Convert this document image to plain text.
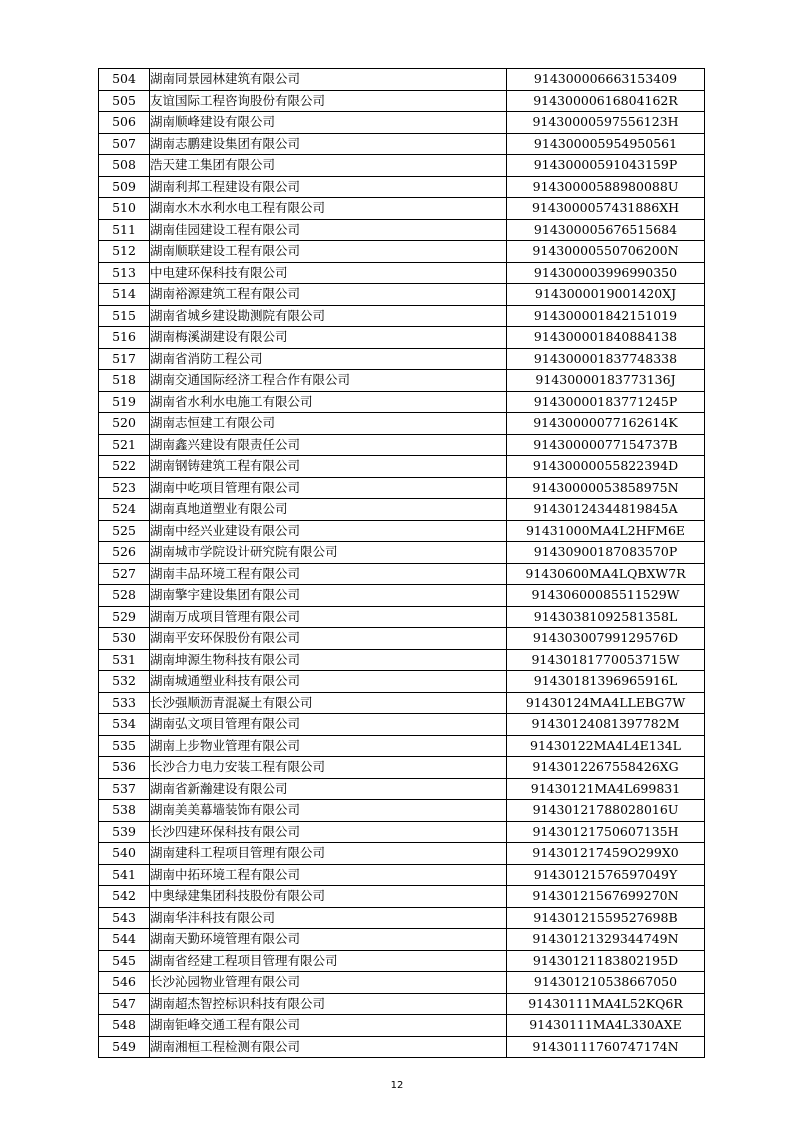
504	湖南同景园林建筑有限公司	914300006663153409
505	友谊国际工程咨询股份有限公司	91430000616804162R
506	湖南顺峰建设有限公司	91430000597556123H
507	湖南志鹏建设集团有限公司	914300005954950561
508	浩天建工集团有限公司	91430000591043159P
509	湖南利邦工程建设有限公司	91430000588980088U
510	湖南水木水利水电工程有限公司	9143000057431886XH
511	湖南佳园建设工程有限公司	914300005676515684
512	湖南顺联建设工程有限公司	91430000550706200N
513	中电建环保科技有限公司	914300003996990350
514	湖南裕源建筑工程有限公司	9143000019001420XJ
515	湖南省城乡建设勘测院有限公司	914300001842151019
516	湖南梅溪湖建设有限公司	914300001840884138
517	湖南省消防工程公司	914300001837748338
518	湖南交通国际经济工程合作有限公司	91430000183773136J
519	湖南省水利水电施工有限公司	91430000183771245P
520	湖南志恒建工有限公司	91430000077162614K
521	湖南鑫兴建设有限责任公司	91430000077154737B
522	湖南钢铸建筑工程有限公司	91430000055822394D
523	湖南中屹项目管理有限公司	91430000053858975N
524	湖南真地道塑业有限公司	91430124344819845A
525	湖南中经兴业建设有限公司	91431000MA4L2HFM6E
526	湖南城市学院设计研究院有限公司	91430900187083570P
527	湖南丰品环境工程有限公司	91430600MA4LQBXW7R
528	湖南擎宇建设集团有限公司	91430600085511529W
529	湖南万成项目管理有限公司	91430381092581358L
530	湖南平安环保股份有限公司	91430300799129576D
531	湖南坤源生物科技有限公司	91430181770053715W
532	湖南城通塑业科技有限公司	91430181396965916L
533	长沙强顺沥青混凝土有限公司	91430124MA4LLEBG7W
534	湖南弘文项目管理有限公司	91430124081397782M
535	湖南上步物业管理有限公司	91430122MA4L4E134L
536	长沙合力电力安装工程有限公司	9143012267558426XG
537	湖南省新瀚建设有限公司	91430121MA4L699831
538	湖南美美幕墙装饰有限公司	91430121788028016U
539	长沙四建环保科技有限公司	91430121750607135H
540	湖南建科工程项目管理有限公司	914301217459O299X0
541	湖南中拓环境工程有限公司	91430121576597049Y
542	中奥绿建集团科技股份有限公司	91430121567699270N
543	湖南华沣科技有限公司	91430121559527698B
544	湖南天勤环境管理有限公司	91430121329344749N
545	湖南省经建工程项目管理有限公司	91430121183802195D
546	长沙沁园物业管理有限公司	914301210538667050
547	湖南超杰智控标识科技有限公司	91430111MA4L52KQ6R
548	湖南钜峰交通工程有限公司	91430111MA4L330AXE
549	湖南湘桓工程检测有限公司	91430111760747174N
12
